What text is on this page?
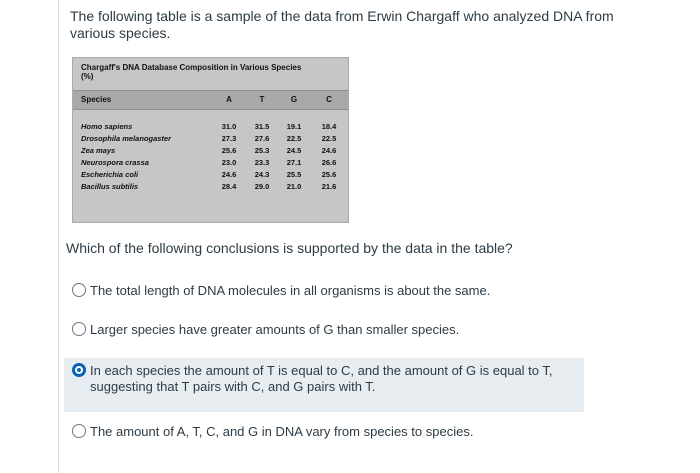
The following table is a sample of the data from Erwin Chargaff who analyzed DNA from various species.
Chargaff's DNA Database Composition in Various Species (%)
Species	A	T	G	C
Homo sapiens	31.0	31.5	19.1	18.4
Drosophila melanogaster	27.3	27.6	22.5	22.5
Zea mays	25.6	25.3	24.5	24.6
Neurospora crassa	23.0	23.3	27.1	26.6
Escherichia coli	24.6	24.3	25.5	25.6
Bacillus subtilis	28.4	29.0	21.0	21.6
Which of the following conclusions is supported by the data in the table?
The total length of DNA molecules in all organisms is about the same.
Larger species have greater amounts of G than smaller species.
In each species the amount of T is equal to C, and the amount of G is equal to T, suggesting that T pairs with C, and G pairs with T.
The amount of A, T, C, and G in DNA vary from species to species.
